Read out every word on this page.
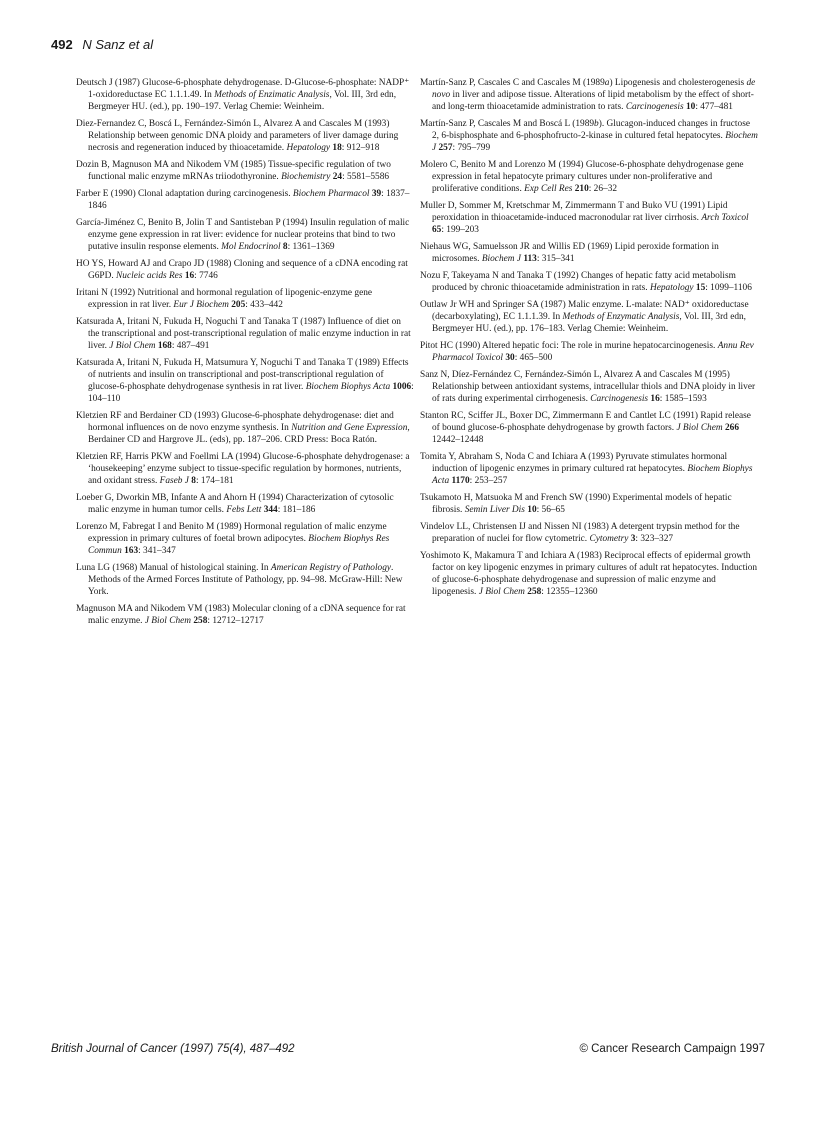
492 N Sanz et al
Deutsch J (1987) Glucose-6-phosphate dehydrogenase. D-Glucose-6-phosphate: NADP⁺ 1-oxidoreductase EC 1.1.1.49. In Methods of Enzimatic Analysis, Vol. III, 3rd edn, Bergmeyer HU. (ed.), pp. 190–197. Verlag Chemie: Weinheim.
Diez-Fernandez C, Boscá L, Fernández-Simón L, Alvarez A and Cascales M (1993) Relationship between genomic DNA ploidy and parameters of liver damage during necrosis and regeneration induced by thioacetamide. Hepatology 18: 912–918
Dozin B, Magnuson MA and Nikodem VM (1985) Tissue-specific regulation of two functional malic enzyme mRNAs triiodothyronine. Biochemistry 24: 5581–5586
Farber E (1990) Clonal adaptation during carcinogenesis. Biochem Pharmacol 39: 1837–1846
García-Jiménez C, Benito B, Jolin T and Santisteban P (1994) Insulin regulation of malic enzyme gene expression in rat liver: evidence for nuclear proteins that bind to two putative insulin response elements. Mol Endocrinol 8: 1361–1369
HO YS, Howard AJ and Crapo JD (1988) Cloning and sequence of a cDNA encoding rat G6PD. Nucleic acids Res 16: 7746
Iritani N (1992) Nutritional and hormonal regulation of lipogenic-enzyme gene expression in rat liver. Eur J Biochem 205: 433–442
Katsurada A, Iritani N, Fukuda H, Noguchi T and Tanaka T (1987) Influence of diet on the transcriptional and post-transcriptional regulation of malic enzyme induction in rat liver. J Biol Chem 168: 487–491
Katsurada A, Iritani N, Fukuda H, Matsumura Y, Noguchi T and Tanaka T (1989) Effects of nutrients and insulin on transcriptional and post-transcriptional regulation of glucose-6-phosphate dehydrogenase synthesis in rat liver. Biochem Biophys Acta 1006: 104–110
Kletzien RF and Berdainer CD (1993) Glucose-6-phosphate dehydrogenase: diet and hormonal influences on de novo enzyme synthesis. In Nutrition and Gene Expression, Berdainer CD and Hargrove JL. (eds), pp. 187–206. CRD Press: Boca Ratón.
Kletzien RF, Harris PKW and Foellmi LA (1994) Glucose-6-phosphate dehydrogenase: a ‘housekeeping’ enzyme subject to tissue-specific regulation by hormones, nutrients, and oxidant stress. Faseb J 8: 174–181
Loeber G, Dworkin MB, Infante A and Ahorn H (1994) Characterization of cytosolic malic enzyme in human tumor cells. Febs Lett 344: 181–186
Lorenzo M, Fabregat I and Benito M (1989) Hormonal regulation of malic enzyme expression in primary cultures of foetal brown adipocytes. Biochem Biophys Res Commun 163: 341–347
Luna LG (1968) Manual of histological staining. In American Registry of Pathology. Methods of the Armed Forces Institute of Pathology, pp. 94–98. McGraw-Hill: New York.
Magnuson MA and Nikodem VM (1983) Molecular cloning of a cDNA sequence for rat malic enzyme. J Biol Chem 258: 12712–12717
Martín-Sanz P, Cascales C and Cascales M (1989a) Lipogenesis and cholesterogenesis de novo in liver and adipose tissue. Alterations of lipid metabolism by the effect of short- and long-term thioacetamide administration to rats. Carcinogenesis 10: 477–481
Martín-Sanz P, Cascales M and Boscá L (1989b). Glucagon-induced changes in fructose 2, 6-bisphosphate and 6-phosphofructo-2-kinase in cultured fetal hepatocytes. Biochem J 257: 795–799
Molero C, Benito M and Lorenzo M (1994) Glucose-6-phosphate dehydrogenase gene expression in fetal hepatocyte primary cultures under non-proliferative and proliferative conditions. Exp Cell Res 210: 26–32
Muller D, Sommer M, Kretschmar M, Zimmermann T and Buko VU (1991) Lipid peroxidation in thioacetamide-induced macronodular rat liver cirrhosis. Arch Toxicol 65: 199–203
Niehaus WG, Samuelsson JR and Willis ED (1969) Lipid peroxide formation in microsomes. Biochem J 113: 315–341
Nozu F, Takeyama N and Tanaka T (1992) Changes of hepatic fatty acid metabolism produced by chronic thioacetamide administration in rats. Hepatology 15: 1099–1106
Outlaw Jr WH and Springer SA (1987) Malic enzyme. L-malate: NAD⁺ oxidoreductase (decarboxylating), EC 1.1.1.39. In Methods of Enzymatic Analysis, Vol. III, 3rd edn, Bergmeyer HU. (ed.), pp. 176–183. Verlag Chemie: Weinheim.
Pitot HC (1990) Altered hepatic foci: The role in murine hepatocarcinogenesis. Annu Rev Pharmacol Toxicol 30: 465–500
Sanz N, Díez-Fernández C, Fernández-Simón L, Alvarez A and Cascales M (1995) Relationship between antioxidant systems, intracellular thiols and DNA ploidy in liver of rats during experimental cirrhogenesis. Carcinogenesis 16: 1585–1593
Stanton RC, Sciffer JL, Boxer DC, Zimmermann E and Cantlet LC (1991) Rapid release of bound glucose-6-phosphate dehydrogenase by growth factors. J Biol Chem 266 12442–12448
Tomita Y, Abraham S, Noda C and Ichiara A (1993) Pyruvate stimulates hormonal induction of lipogenic enzymes in primary cultured rat hepatocytes. Biochem Biophys Acta 1170: 253–257
Tsukamoto H, Matsuoka M and French SW (1990) Experimental models of hepatic fibrosis. Semin Liver Dis 10: 56–65
Vindelov LL, Christensen IJ and Nissen NI (1983) A detergent trypsin method for the preparation of nuclei for flow cytometric. Cytometry 3: 323–327
Yoshimoto K, Makamura T and Ichiara A (1983) Reciprocal effects of epidermal growth factor on key lipogenic enzymes in primary cultures of adult rat hepatocytes. Induction of glucose-6-phosphate dehydrogenase and supression of malic enzyme and lipogenesis. J Biol Chem 258: 12355–12360
British Journal of Cancer (1997) 75(4), 487–492	© Cancer Research Campaign 1997
